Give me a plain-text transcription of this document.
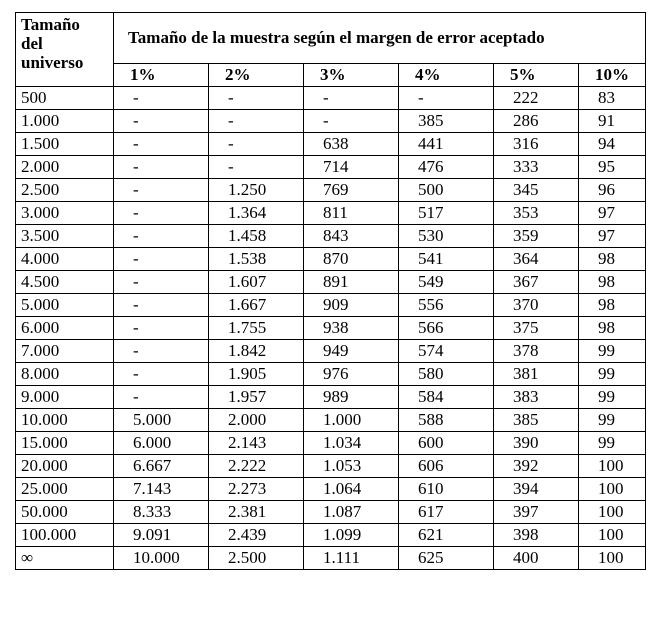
Tamaño
del
universo	Tamaño de la muestra según el margen de error aceptado					
	1%	2%	3%	4%	5%	10%
500	-	-	-	-	222	83
1.000	-	-	-	385	286	91
1.500	-	-	638	441	316	94
2.000	-	-	714	476	333	95
2.500	-	1.250	769	500	345	96
3.000	-	1.364	811	517	353	97
3.500	-	1.458	843	530	359	97
4.000	-	1.538	870	541	364	98
4.500	-	1.607	891	549	367	98
5.000	-	1.667	909	556	370	98
6.000	-	1.755	938	566	375	98
7.000	-	1.842	949	574	378	99
8.000	-	1.905	976	580	381	99
9.000	-	1.957	989	584	383	99
10.000	5.000	2.000	1.000	588	385	99
15.000	6.000	2.143	1.034	600	390	99
20.000	6.667	2.222	1.053	606	392	100
25.000	7.143	2.273	1.064	610	394	100
50.000	8.333	2.381	1.087	617	397	100
100.000	9.091	2.439	1.099	621	398	100
∞	10.000	2.500	1.111	625	400	100
